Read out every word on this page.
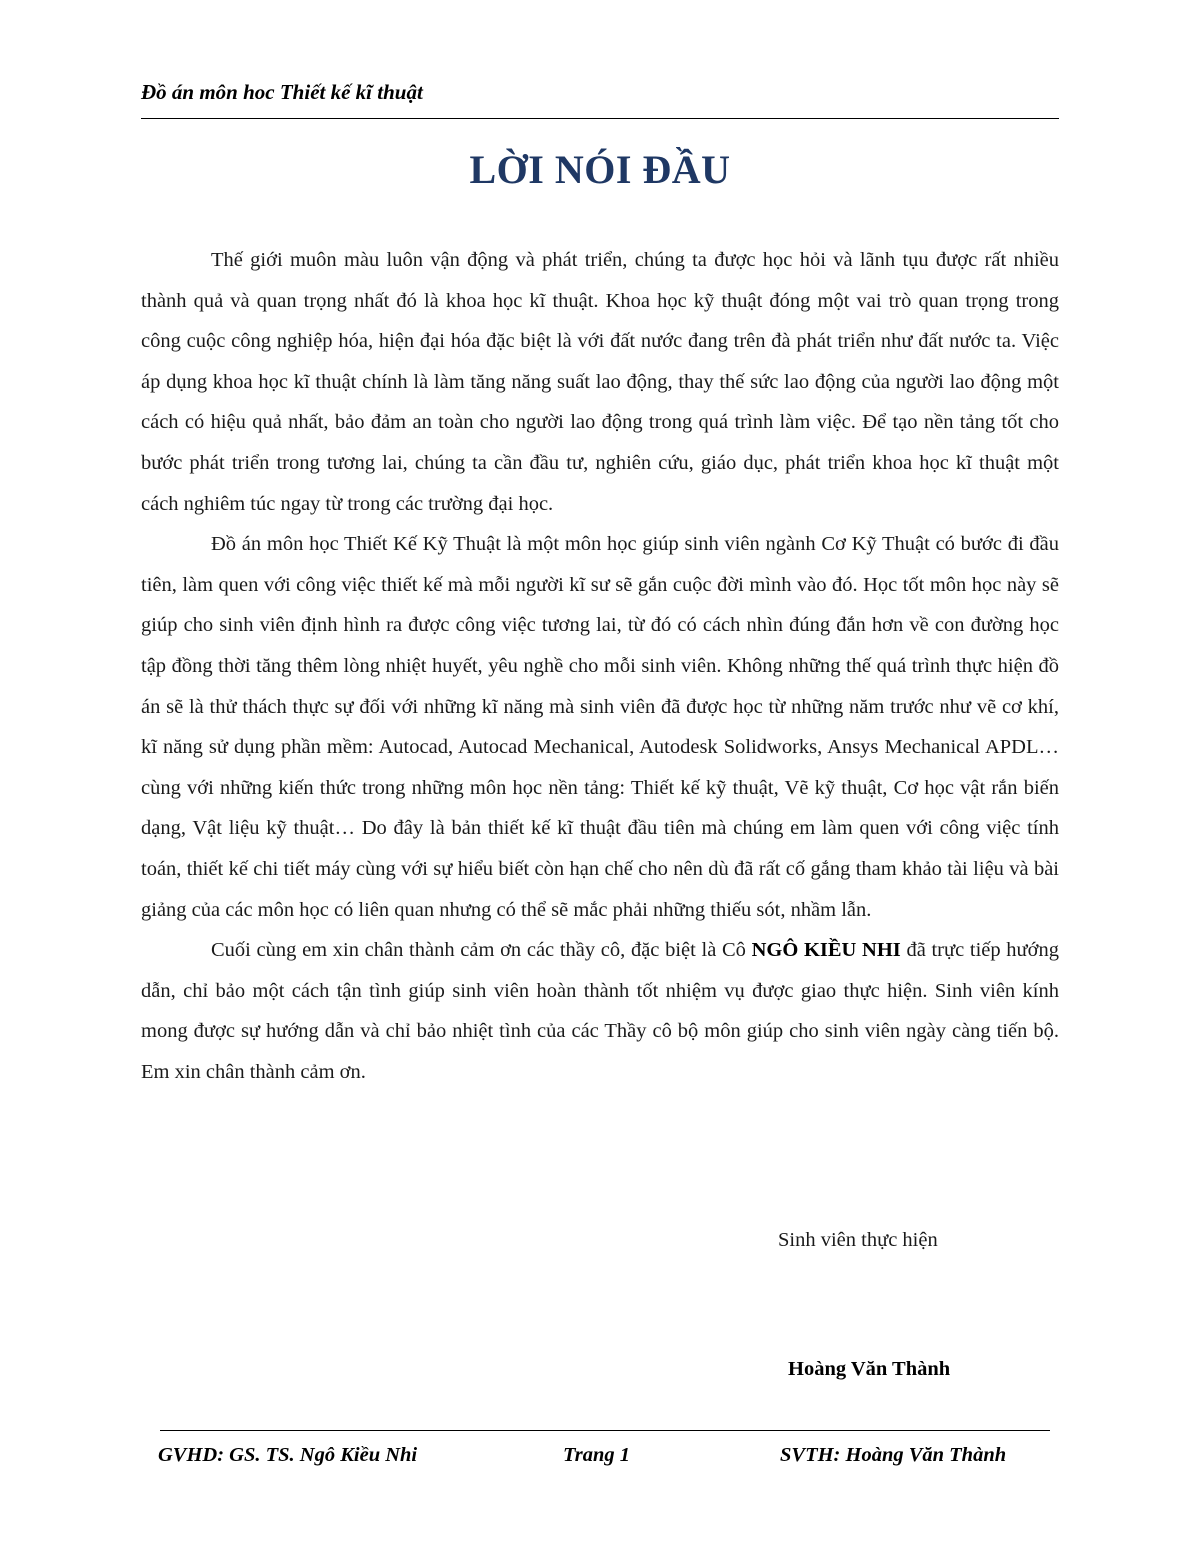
Đồ án môn hoc Thiết kế kĩ thuật
LỜI NÓI ĐẦU

Thế giới muôn màu luôn vận động và phát triển, chúng ta được học hỏi và lãnh tụu được rất nhiều thành quả và quan trọng nhất đó là khoa học kĩ thuật. Khoa học kỹ thuật đóng một vai trò quan trọng trong công cuộc công nghiệp hóa, hiện đại hóa đặc biệt là với đất nước đang trên đà phát triển như đất nước ta. Việc áp dụng khoa học kĩ thuật chính là làm tăng năng suất lao động, thay thế sức lao động của người lao động một cách có hiệu quả nhất, bảo đảm an toàn cho người lao động trong quá trình làm việc. Để tạo nền tảng tốt cho bước phát triển trong tương lai, chúng ta cần đầu tư, nghiên cứu, giáo dục, phát triển khoa học kĩ thuật một cách nghiêm túc ngay từ trong các trường đại học.

Đồ án môn học Thiết Kế Kỹ Thuật là một môn học giúp sinh viên ngành Cơ Kỹ Thuật có bước đi đầu tiên, làm quen với công việc thiết kế mà mỗi người kĩ sư sẽ gắn cuộc đời mình vào đó. Học tốt môn học này sẽ giúp cho sinh viên định hình ra được công việc tương lai, từ đó có cách nhìn đúng đắn hơn về con đường học tập đồng thời tăng thêm lòng nhiệt huyết, yêu nghề cho mỗi sinh viên. Không những thế quá trình thực hiện đồ án sẽ là thử thách thực sự đối với những kĩ năng mà sinh viên đã được học từ những năm trước như vẽ cơ khí, kĩ năng sử dụng phần mềm: Autocad, Autocad Mechanical, Autodesk Solidworks, Ansys Mechanical APDL… cùng với những kiến thức trong những môn học nền tảng: Thiết kế kỹ thuật, Vẽ kỹ thuật, Cơ học vật rắn biến dạng, Vật liệu kỹ thuật… Do đây là bản thiết kế kĩ thuật đầu tiên mà chúng em làm quen với công việc tính toán, thiết kế chi tiết máy cùng với sự hiểu biết còn hạn chế cho nên dù đã rất cố gắng tham khảo tài liệu và bài giảng của các môn học có liên quan nhưng có thể sẽ mắc phải những thiếu sót, nhầm lẫn.

Cuối cùng em xin chân thành cảm ơn các thầy cô, đặc biệt là Cô NGÔ KIỀU NHI đã trực tiếp hướng dẫn, chỉ bảo một cách tận tình giúp sinh viên hoàn thành tốt nhiệm vụ được giao thực hiện. Sinh viên kính mong được sự hướng dẫn và chỉ bảo nhiệt tình của các Thầy cô bộ môn giúp cho sinh viên ngày càng tiến bộ. Em xin chân thành cảm ơn.

Sinh viên thực hiện
Hoàng Văn Thành
GVHD: GS. TS. Ngô Kiều Nhi	Trang 1	SVTH: Hoàng Văn Thành
